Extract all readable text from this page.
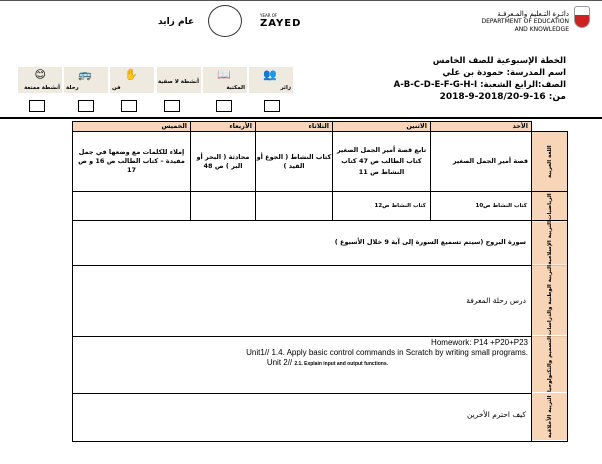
دائـرة التـعليم والمـعرفـة
DEPARTMENT OF EDUCATION
AND KNOWLEDGE
YEAR OF
ZAYED
عام زايد
الخطة الإسبوعية للصف الخامس
اسم المدرسة: حمودة بن علي
الصف:الرابع الشعبة: A-B-C-D-E-F-G-H-I
من: 16-9-2018/20-9-2018
👥
زائر
📖
المكتبة
أنشطة لا صفية
✋
فن
🚌
رحلة
😊
أنشطة ممتعة
	الأحد	الاثنين	الثلاثاء	الأربعاء	الخميس
اللغة العربية	قصة أمير الجمل الصغير	تابع قصة أمير الجمل الصغير كتاب الطالب ص 47 كتاب النشاط ص 11	كتاب النشاط ( الجوع أو القيد )	محادثة ( البحر أو البر ) ص 48	إملاء للكلمات مع وضعها في جمل مفيدة – كتاب الطالب ص 16 و ص 17
الرياضيات	كتاب النشاط ص10	كتاب النشاط ص12			
التربية الإسلامية	سورة البروج (سيتم تسميع السورة إلى آية 9 خلال الأسبوع )				
التربية الوطنية والدراسات	درس رحلة المعرفة				
التصميم والتكنولوجيا	Homework: P14 +P20+P23
Unit1// 1.4. Apply basic control commands in Scratch by writing small programs.
Unit 2// 2.1. Explain input and output functions.				

التربية الأخلاقية	كيف احترم الأخرين				
